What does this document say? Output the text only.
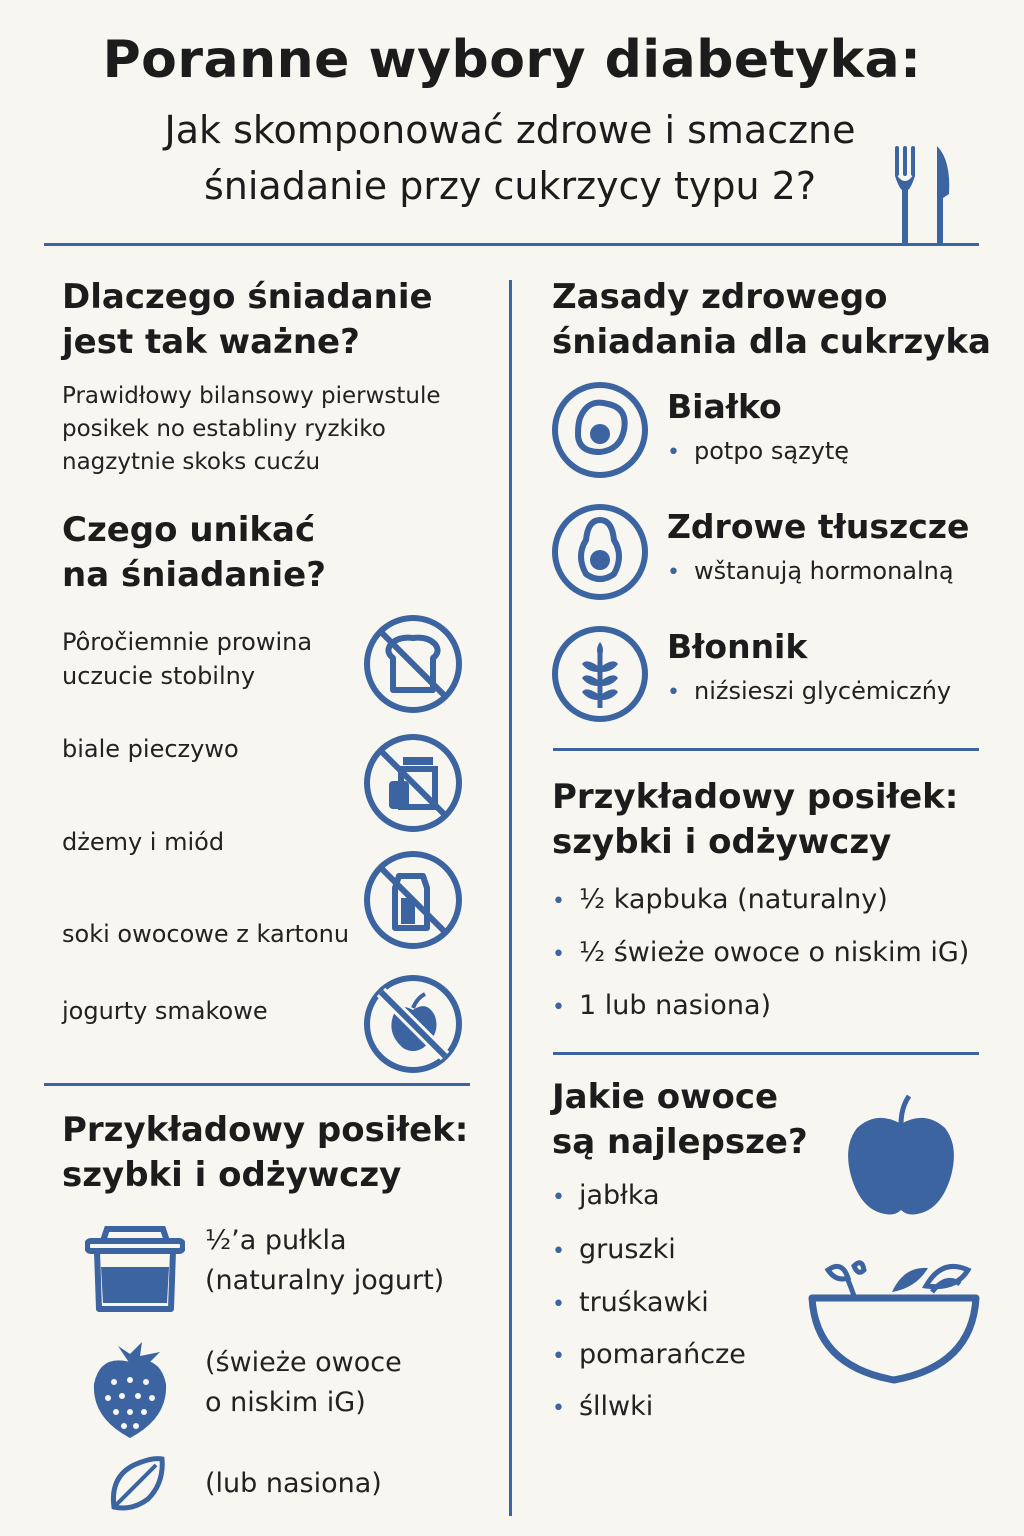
Poranne wybory diabetyka:
Jak skomponować zdrowe i smaczne
śniadanie przy cukrzycy typu 2?
Dlaczego śniadanie
jest tak ważne?
Prawidłowy bilansowy pierwstule
posikek no establiny ryzkiko
nagzytnie skoks cucźu
Czego unikać
na śniadanie?
Pôročiemnie prowina
uczucie stobilny
biale pieczywo
dżemy i miód
soki owocowe z kartonu
jogurty smakowe
Przykładowy posiłek:
szybki i odżywczy
½’a pułkla
(naturalny jogurt)
(świeże owoce
o niskim iG)
(lub nasiona)
Zasady zdrowego
śniadania dla cukrzyka
Białko
• potpo sązytę
Zdrowe tłuszcze
• wštanują hormonalną
Błonnik
• niźsieszi glycėmiczńy
Przykładowy posiłek:
szybki i odżywczy
• ½ kapbuka (naturalny)
• ½ świeże owoce o niskim iG)
• 1 lub nasiona)
Jakie owoce
są najlepsze?
• jabłka
• gruszki
• truśkawki
• pomarańcze
• śllwki
